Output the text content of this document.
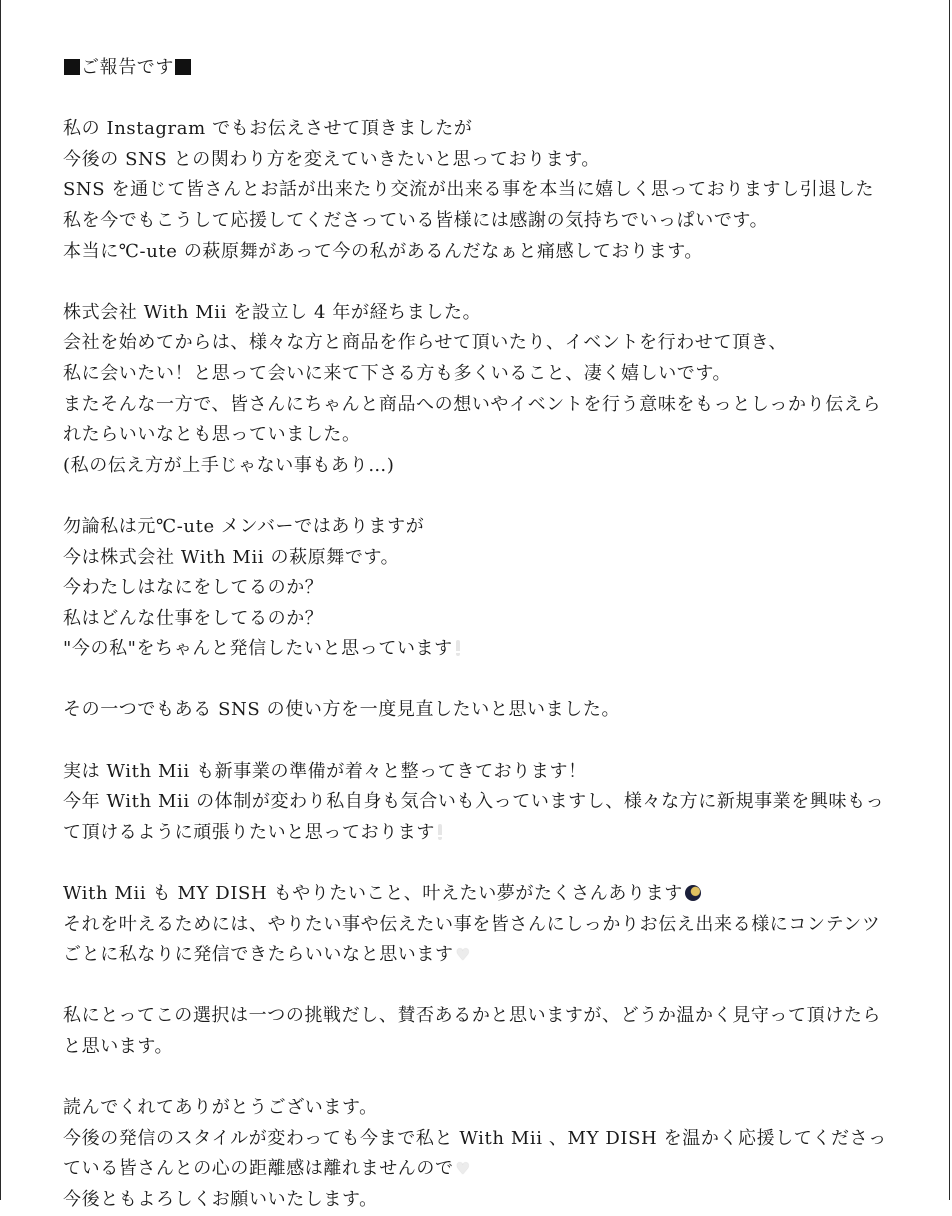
ご報告です
私の Instagram でもお伝えさせて頂きましたが
今後の SNS との関わり方を変えていきたいと思っております。
SNS を通じて皆さんとお話が出来たり交流が出来る事を本当に嬉しく思っておりますし引退した
私を今でもこうして応援してくださっている皆様には感謝の気持ちでいっぱいです。
本当に℃-ute の萩原舞があって今の私があるんだなぁと痛感しております。
株式会社 With Mii を設立し 4 年が経ちました。
会社を始めてからは、様々な方と商品を作らせて頂いたり、イベントを行わせて頂き、
私に会いたい！と思って会いに来て下さる方も多くいること、凄く嬉しいです。
またそんな一方で、皆さんにちゃんと商品への想いやイベントを行う意味をもっとしっかり伝えら
れたらいいなとも思っていました。
(私の伝え方が上手じゃない事もあり…)
勿論私は元℃-ute メンバーではありますが
今は株式会社 With Mii の萩原舞です。
今わたしはなにをしてるのか？
私はどんな仕事をしてるのか？
"今の私"をちゃんと発信したいと思っています
その一つでもある SNS の使い方を一度見直したいと思いました。
実は With Mii も新事業の準備が着々と整ってきております！
今年 With Mii の体制が変わり私自身も気合いも入っていますし、様々な方に新規事業を興味もっ
て頂けるように頑張りたいと思っております
With Mii も MY DISH もやりたいこと、叶えたい夢がたくさんあります
それを叶えるためには、やりたい事や伝えたい事を皆さんにしっかりお伝え出来る様にコンテンツ
ごとに私なりに発信できたらいいなと思います ♥
私にとってこの選択は一つの挑戦だし、賛否あるかと思いますが、どうか温かく見守って頂けたら
と思います。
読んでくれてありがとうございます。
今後の発信のスタイルが変わっても今まで私と With Mii 、MY DISH を温かく応援してくださっ
ている皆さんとの心の距離感は離れませんので ♥
今後ともよろしくお願いいたします。
